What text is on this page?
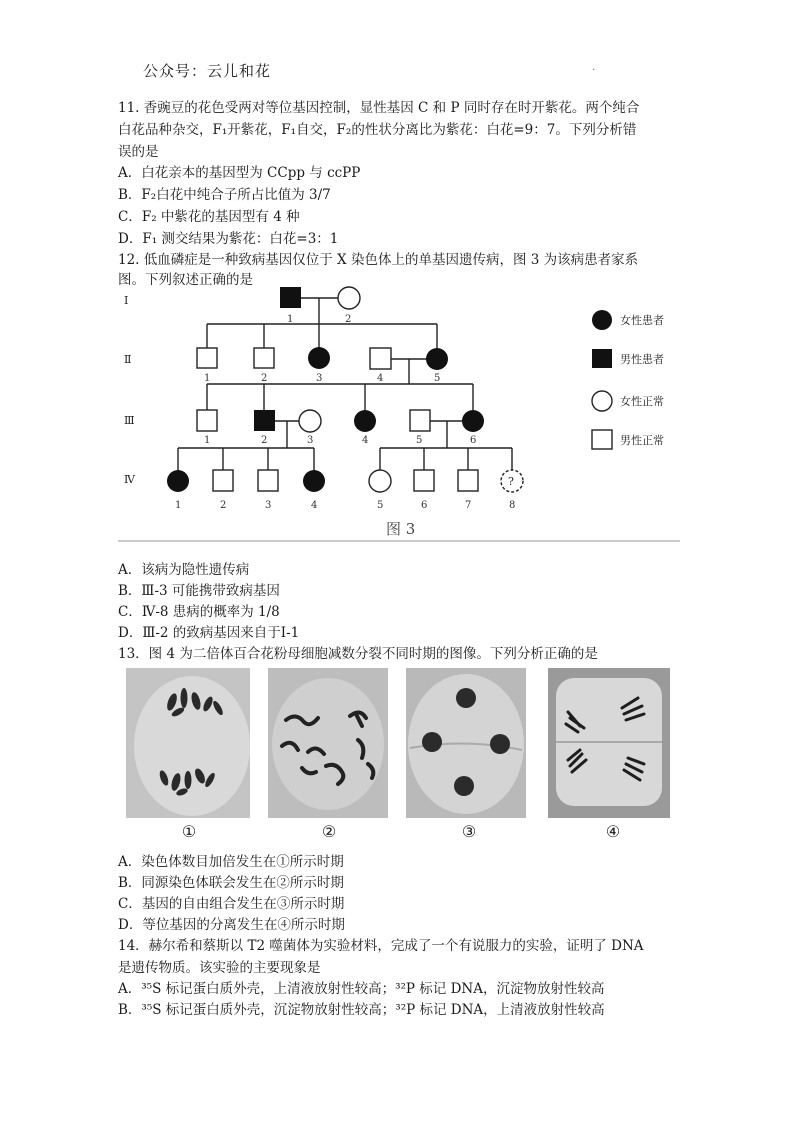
公众号：云儿和花	.
11. 香豌豆的花色受两对等位基因控制，显性基因 C 和 P 同时存在时开紫花。两个纯合
白花品种杂交，F₁开紫花，F₁自交，F₂的性状分离比为紫花：白花=9：7。下列分析错
误的是
A．白花亲本的基因型为 CCpp 与 ccPP
B．F₂白花中纯合子所占比值为 3/7
C．F₂ 中紫花的基因型有 4 种
D．F₁ 测交结果为紫花：白花=3：1
12. 低血磷症是一种致病基因仅位于 X 染色体上的单基因遗传病，图 3 为该病患者家系
图。下列叙述正确的是
Ⅰ
Ⅱ
Ⅲ
Ⅳ	?
1	2
1	2	3	4	5
1	2	3	4	5	6
1	2	3	4	5	6	7	8
女性患者
男性患者
女性正常
男性正常
图 3
A．该病为隐性遗传病
B．Ⅲ-3 可能携带致病基因
C．Ⅳ-8 患病的概率为 1/8
D．Ⅲ-2 的致病基因来自于Ⅰ-1
13．图 4 为二倍体百合花粉母细胞减数分裂不同时期的图像。下列分析正确的是
①	②	③	④
A．染色体数目加倍发生在①所示时期
B．同源染色体联会发生在②所示时期
C．基因的自由组合发生在③所示时期
D．等位基因的分离发生在④所示时期
14．赫尔希和蔡斯以 T2 噬菌体为实验材料，完成了一个有说服力的实验，证明了 DNA
是遗传物质。该实验的主要现象是
A．³⁵S 标记蛋白质外壳，上清液放射性较高；³²P 标记 DNA，沉淀物放射性较高
B．³⁵S 标记蛋白质外壳，沉淀物放射性较高；³²P 标记 DNA，上清液放射性较高
